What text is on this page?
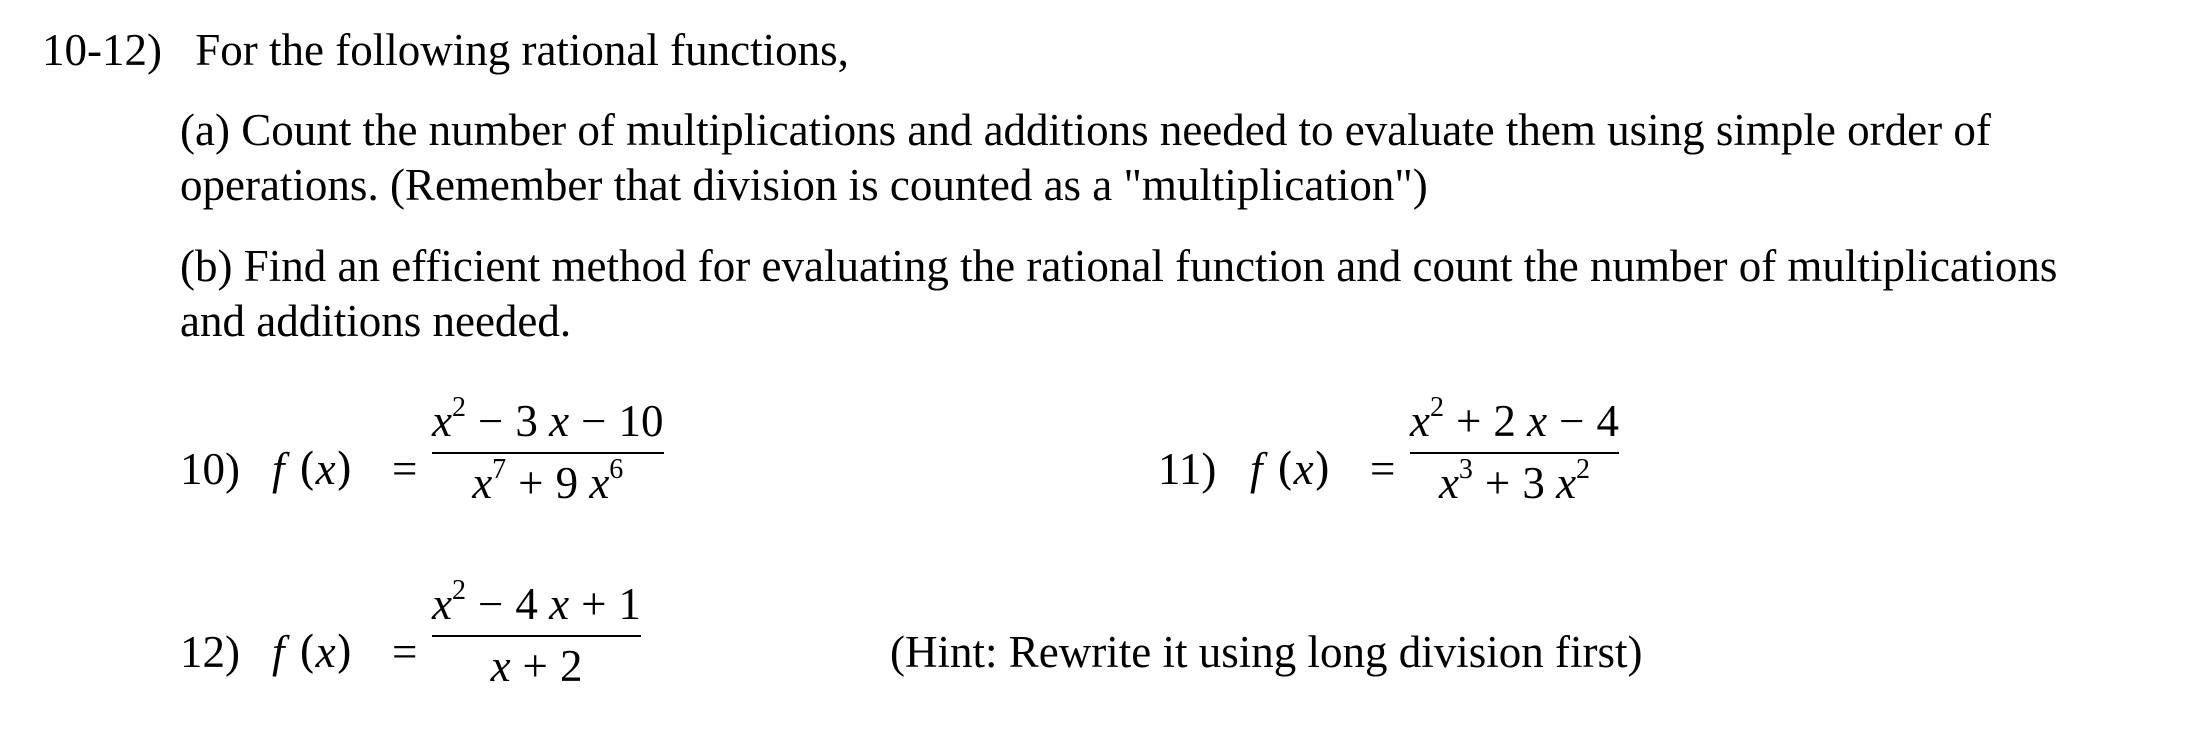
10-12) For the following rational functions,
(a) Count the number of multiplications and additions needed to evaluate them using simple order of
operations. (Remember that division is counted as a "multiplication")
(b) Find an efficient method for evaluating the rational function and count the number of multiplications
and additions needed.
10) f (x) =
$x^2 - 3$ x − 10
$x^7 + 9$ $x^6$	11) f (x) =
$x^2 + 2$ x − 4
$x^3 + 3$ $x^2$
12) f (x) =
$x^2 - 4$ x + 1
x + 2	(Hint: Rewrite it using long division first)
